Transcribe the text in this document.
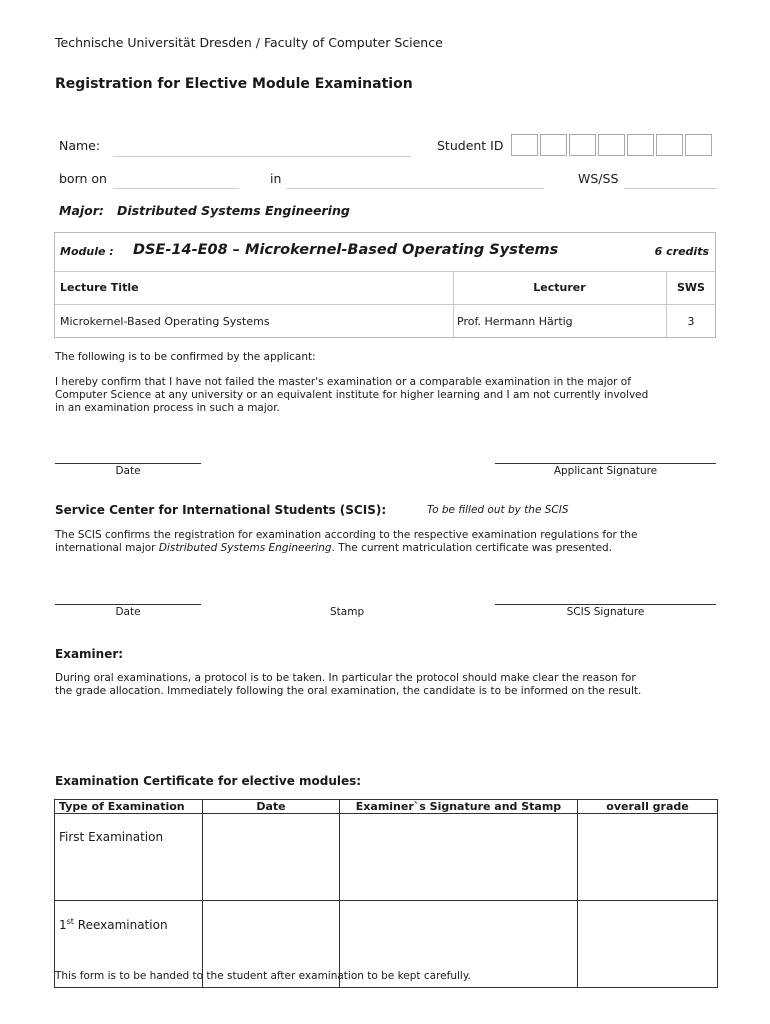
Technische Universität Dresden / Faculty of Computer Science
Registration for Elective Module Examination
Name:	Student ID
born on	in	WS/SS
Major: Distributed Systems Engineering
Module : DSE-14-E08 – Microkernel-Based Operating Systems	6 credits
Lecture Title	Lecturer	SWS
Microkernel-Based Operating Systems	Prof. Hermann Härtig	3
The following is to be confirmed by the applicant:
I hereby confirm that I have not failed the master's examination or a comparable examination in the major of
Computer Science at any university or an equivalent institute for higher learning and I am not currently involved
in an examination process in such a major.
Date	Applicant Signature
Service Center for International Students (SCIS):	To be filled out by the SCIS
The SCIS confirms the registration for examination according to the respective examination regulations for the
international major Distributed Systems Engineering. The current matriculation certificate was presented.
Date	Stamp	SCIS Signature
Examiner:
During oral examinations, a protocol is to be taken. In particular the protocol should make clear the reason for
the grade allocation. Immediately following the oral examination, the candidate is to be informed on the result.
Examination Certificate for elective modules:
Type of Examination	Date	Examiner`s Signature and Stamp	overall grade
First Examination			
1st Reexamination			
This form is to be handed to the student after examination to be kept carefully.
